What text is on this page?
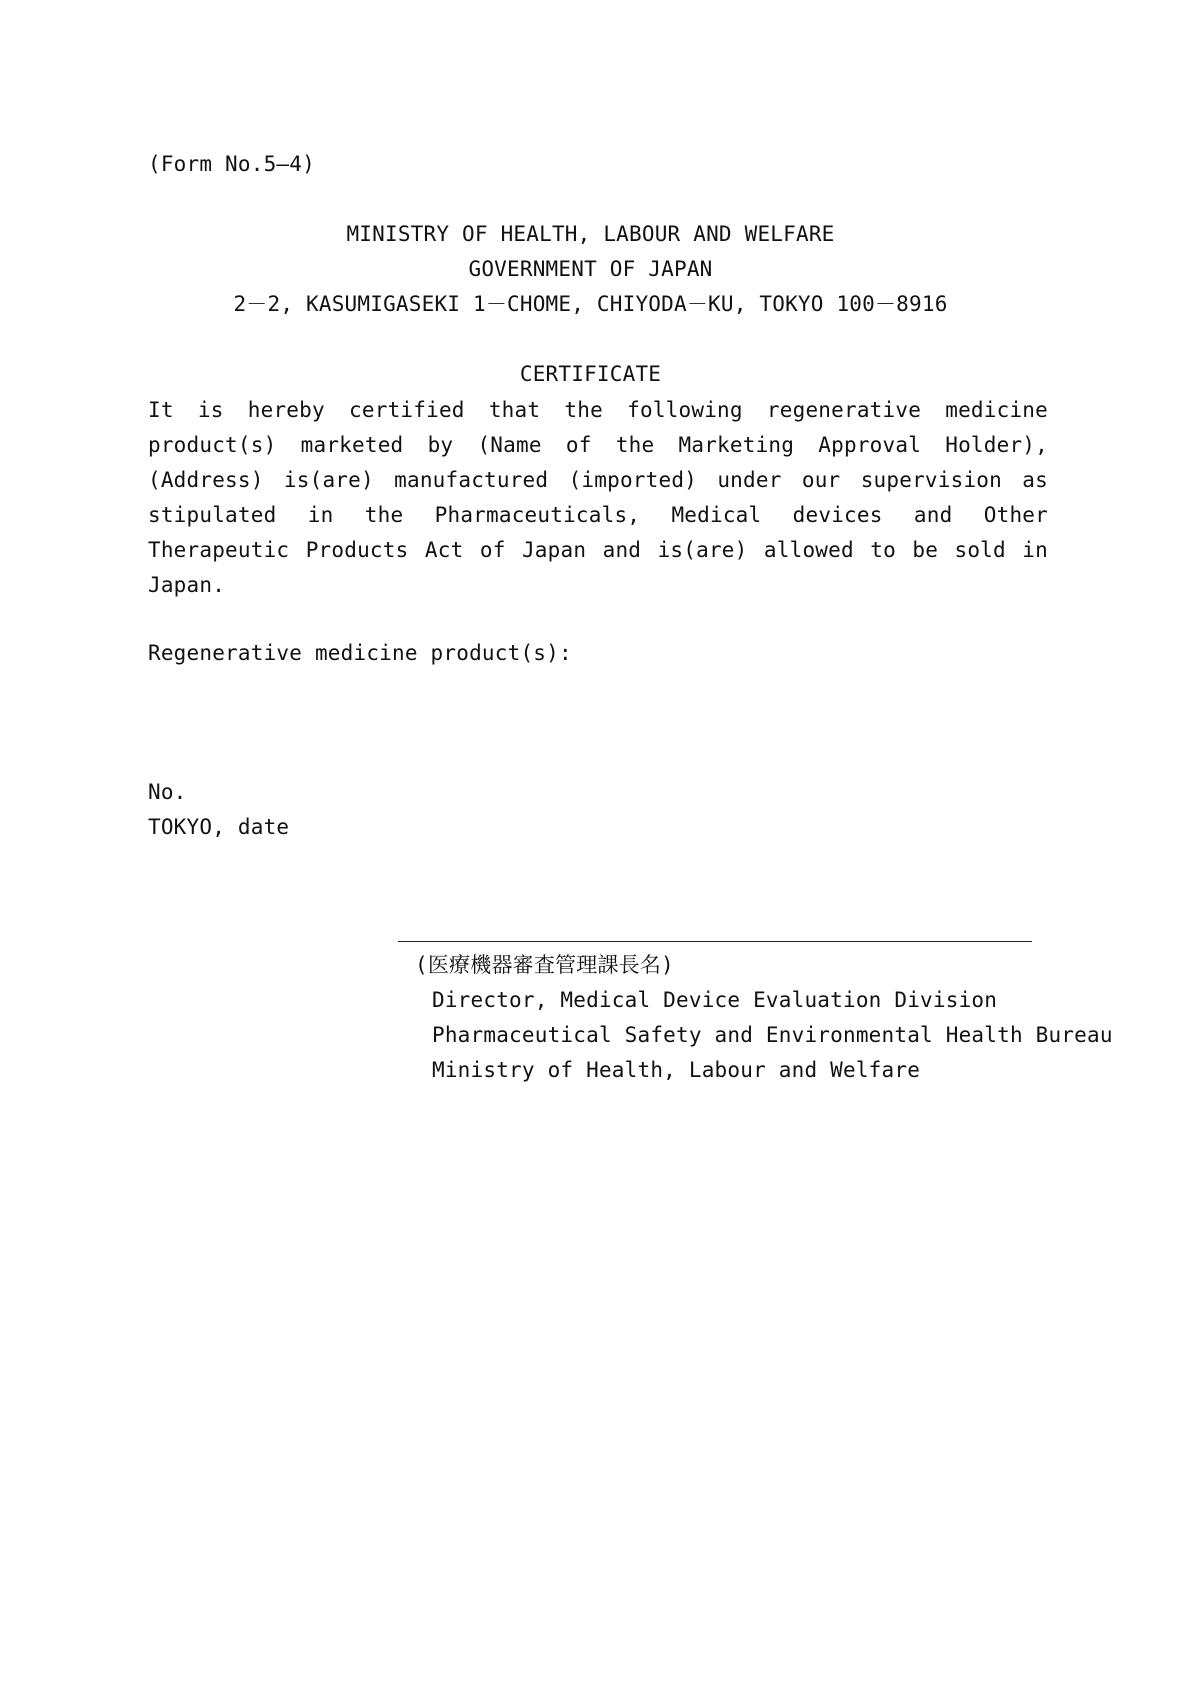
(Form No.5—4)
MINISTRY OF HEALTH, LABOUR AND WELFARE
GOVERNMENT OF JAPAN
2－2, KASUMIGASEKI 1－CHOME, CHIYODA－KU, TOKYO 100－8916
CERTIFICATE
It is hereby certified that the following regenerative medicine product(s) marketed by (Name of the Marketing Approval Holder), (Address) is(are) manufactured (imported) under our supervision as stipulated in the Pharmaceuticals, Medical devices and Other Therapeutic Products Act of Japan and is(are) allowed to be sold in Japan.
Regenerative medicine product(s):
No.
TOKYO, date
(医療機器審査管理課長名)
Director, Medical Device Evaluation Division
Pharmaceutical Safety and Environmental Health Bureau
Ministry of Health, Labour and Welfare
